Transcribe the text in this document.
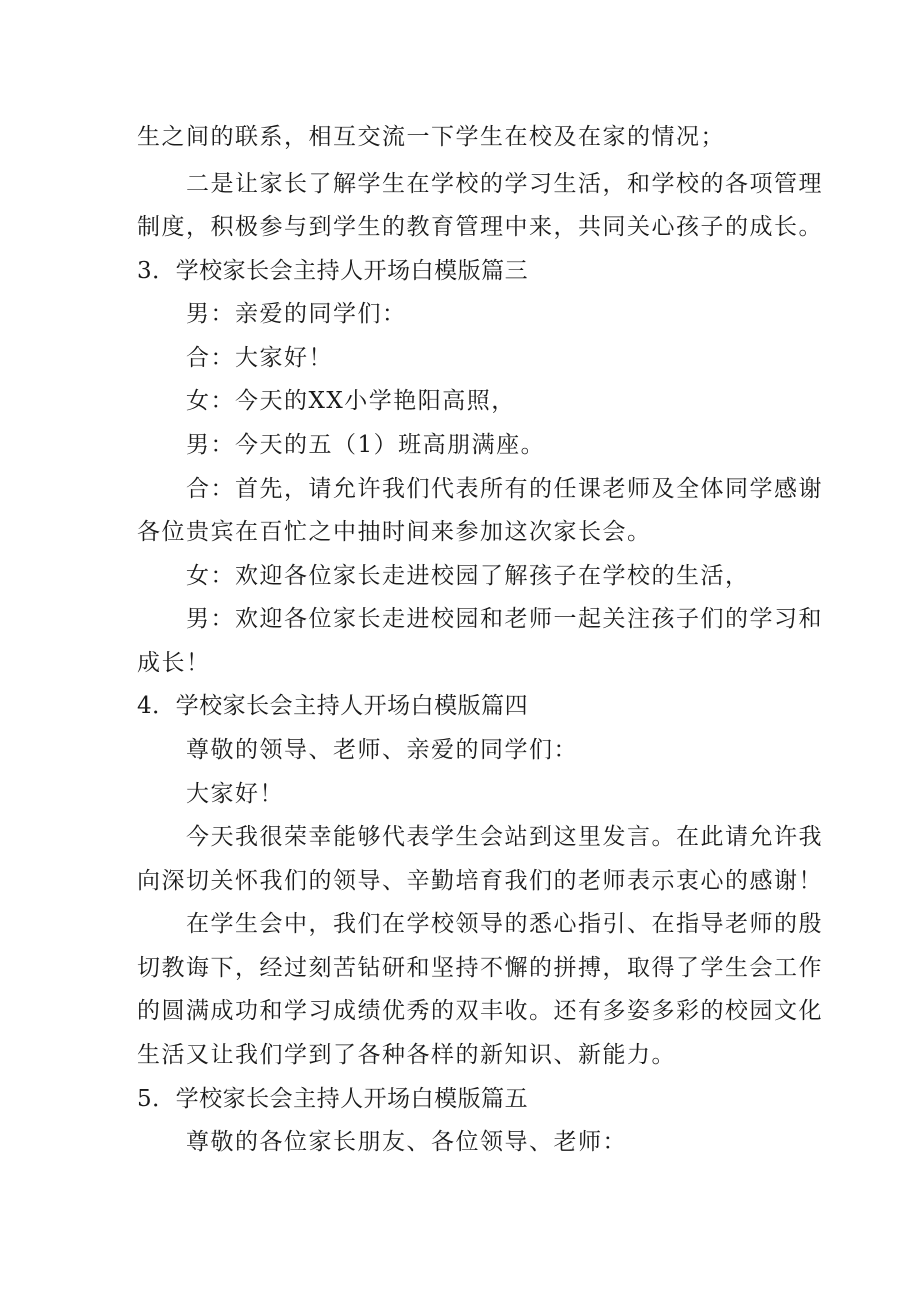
生之间的联系，相互交流一下学生在校及在家的情况；
二是让家长了解学生在学校的学习生活，和学校的各项管理
制度，积极参与到学生的教育管理中来，共同关心孩子的成长。
3．学校家长会主持人开场白模版篇三
男：亲爱的同学们：
合：大家好！
女：今天的XX小学艳阳高照，
男：今天的五（1）班高朋满座。
合：首先，请允许我们代表所有的任课老师及全体同学感谢
各位贵宾在百忙之中抽时间来参加这次家长会。
女：欢迎各位家长走进校园了解孩子在学校的生活，
男：欢迎各位家长走进校园和老师一起关注孩子们的学习和
成长！
4．学校家长会主持人开场白模版篇四
尊敬的领导、老师、亲爱的同学们：
大家好！
今天我很荣幸能够代表学生会站到这里发言。在此请允许我
向深切关怀我们的领导、辛勤培育我们的老师表示衷心的感谢！
在学生会中，我们在学校领导的悉心指引、在指导老师的殷
切教诲下，经过刻苦钻研和坚持不懈的拼搏，取得了学生会工作
的圆满成功和学习成绩优秀的双丰收。还有多姿多彩的校园文化
生活又让我们学到了各种各样的新知识、新能力。
5．学校家长会主持人开场白模版篇五
尊敬的各位家长朋友、各位领导、老师：
